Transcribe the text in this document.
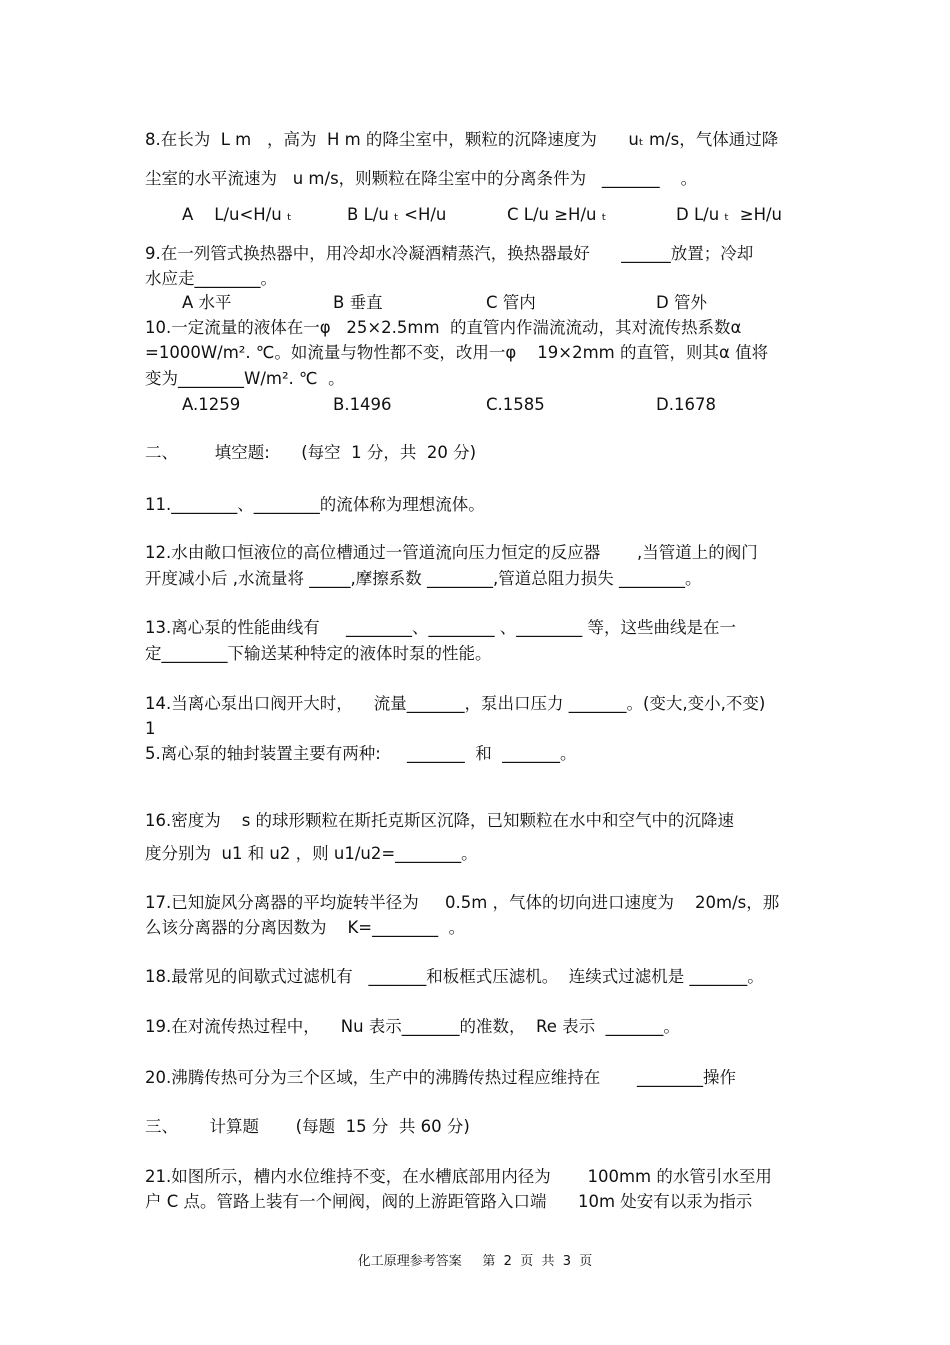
8.在长为  L m   ，高为  H m 的降尘室中，颗粒的沉降速度为      uₜ m/s，气体通过降
尘室的水平流速为   u m/s，则颗粒在降尘室中的分离条件为   _______    。
A    L/u<H/u ₜ	B L/u ₜ <H/u	C L/u ≥H/u ₜ	D L/u ₜ  ≥H/u
9.在一列管式换热器中，用冷却水冷凝酒精蒸汽，换热器最好      ______放置；冷却
水应走________。
A 水平	B 垂直	C 管内	D 管外
10.一定流量的液体在一φ   25×2.5mm  的直管内作湍流流动，其对流传热系数α
=1000W/m². ℃。如流量与物性都不变，改用一φ    19×2mm 的直管，则其α 值将
变为________W/m². ℃  。
A.1259	B.1496	C.1585	D.1678
二、       填空题:      (每空  1 分，共  20 分)
11.________、________的流体称为理想流体。
12.水由敞口恒液位的高位槽通过一管道流向压力恒定的反应器       ,当管道上的阀门
开度减小后 ,水流量将 _____,摩擦系数 ________,管道总阻力损失 ________。
13.离心泵的性能曲线有     ________、________ 、________ 等，这些曲线是在一
定________下输送某种特定的液体时泵的性能。
14.当离心泵出口阀开大时，    流量_______，泵出口压力 _______。(变大,变小,不变)
1
5.离心泵的轴封装置主要有两种:     _______  和  _______。
16.密度为    s 的球形颗粒在斯托克斯区沉降，已知颗粒在水中和空气中的沉降速
度分别为  u1 和 u2 ，则 u1/u2=________。
17.已知旋风分离器的平均旋转半径为     0.5m ，气体的切向进口速度为    20m/s，那
么该分离器的分离因数为    K=________  。
18.最常见的间歇式过滤机有   _______和板框式压滤机。  连续式过滤机是 _______。
19.在对流传热过程中，    Nu 表示_______的准数，  Re 表示  _______。
20.沸腾传热可分为三个区域，生产中的沸腾传热过程应维持在       ________操作
三、      计算题       (每题  15 分  共 60 分)
21.如图所示，槽内水位维持不变，在水槽底部用内径为       100mm 的水管引水至用
户 C 点。管路上装有一个闸阀，阀的上游距管路入口端      10m 处安有以汞为指示
化工原理参考答案     第  2  页  共  3  页
